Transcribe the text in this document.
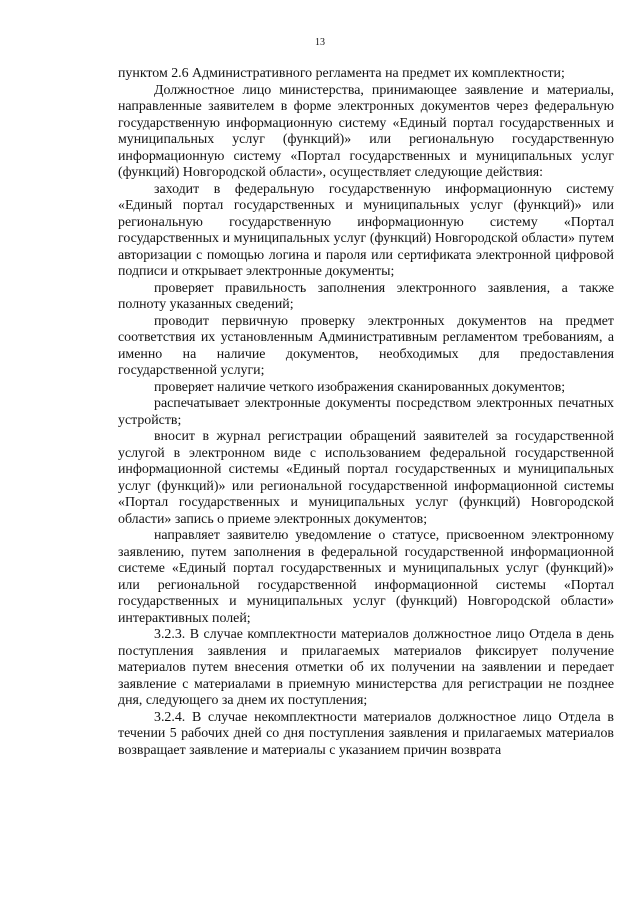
13

пунктом 2.6 Административного регламента на предмет их комплектности;

Должностное лицо министерства, принимающее заявление и материалы, направленные заявителем в форме электронных документов через федеральную государственную информационную систему «Единый портал государственных и муниципальных услуг (функций)» или региональную государственную информационную систему «Портал государственных и муниципальных услуг (функций) Новгородской области», осуществляет следующие действия:

заходит в федеральную государственную информационную систему «Единый портал государственных и муниципальных услуг (функций)» или региональную государственную информационную систему «Портал государственных и муниципальных услуг (функций) Новгородской области» путем авторизации с помощью логина и пароля или сертификата электронной цифровой подписи и открывает электронные документы;

проверяет правильность заполнения электронного заявления, а также полноту указанных сведений;

проводит первичную проверку электронных документов на предмет соответствия их установленным Административным регламентом требованиям, а именно на наличие документов, необходимых для предоставления государственной услуги;

проверяет наличие четкого изображения сканированных документов;

распечатывает электронные документы посредством электронных печатных устройств;

вносит в журнал регистрации обращений заявителей за государственной услугой в электронном виде с использованием федеральной государственной информационной системы «Единый портал государственных и муниципальных услуг (функций)» или региональной государственной информационной системы «Портал государственных и муниципальных услуг (функций) Новгородской области» запись о приеме электронных документов;

направляет заявителю уведомление о статусе, присвоенном электронному заявлению, путем заполнения в федеральной государственной информационной системе «Единый портал государственных и муниципальных услуг (функций)» или региональной государственной информационной системы «Портал государственных и муниципальных услуг (функций) Новгородской области» интерактивных полей;

3.2.3. В случае комплектности материалов должностное лицо Отдела в день поступления заявления и прилагаемых материалов фиксирует получение материалов путем внесения отметки об их получении на заявлении и передает заявление с материалами в приемную министерства для регистрации не позднее дня, следующего за днем их поступления;

3.2.4. В случае некомплектности материалов должностное лицо Отдела в течении 5 рабочих дней со дня поступления заявления и прилагаемых материалов возвращает заявление и материалы с указанием причин возврата
